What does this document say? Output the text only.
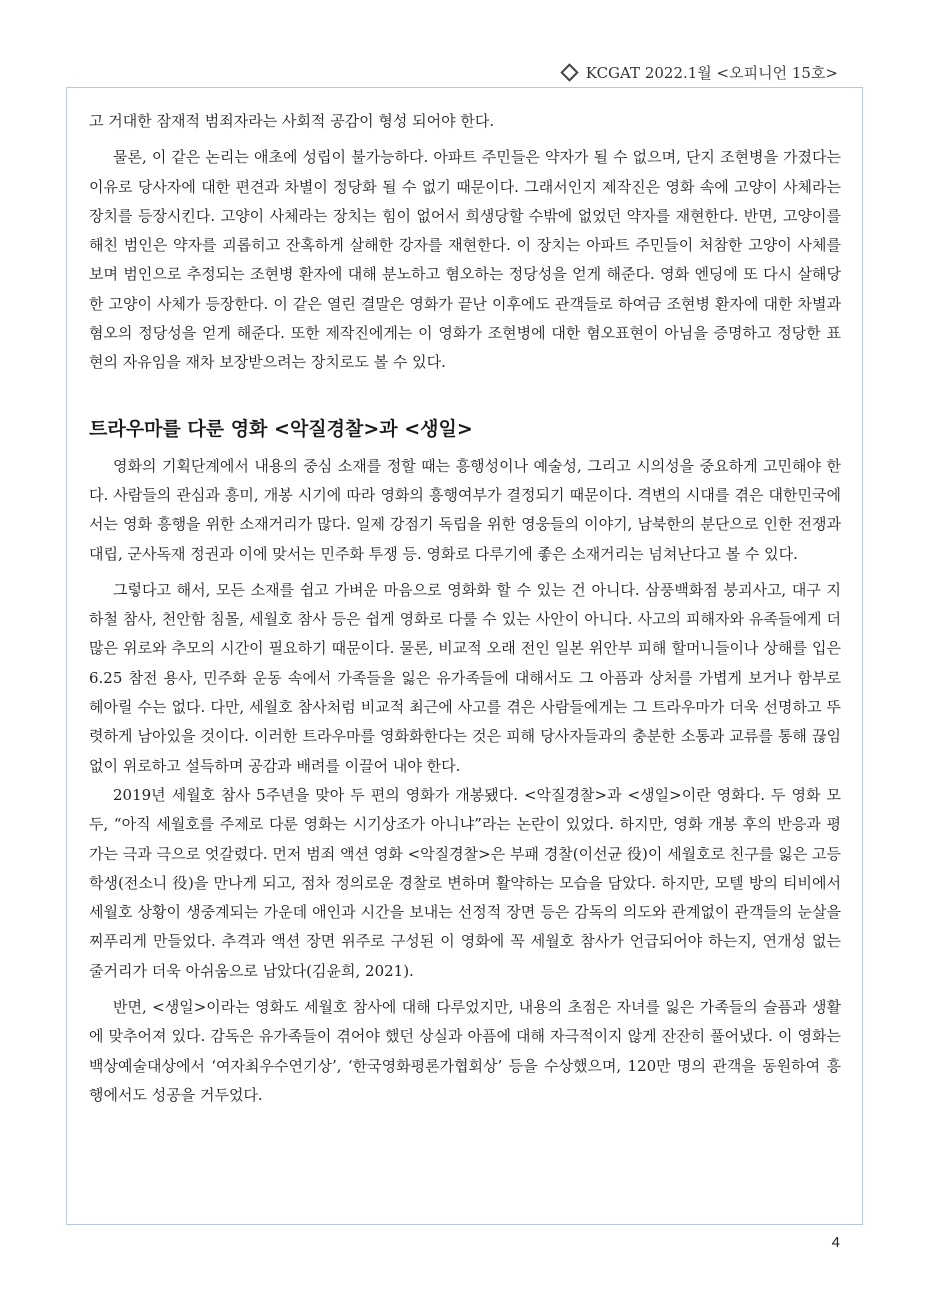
KCGAT 2022.1월 <오피니언 15호>

고 거대한 잠재적 범죄자라는 사회적 공감이 형성 되어야 한다.

물론, 이 같은 논리는 애초에 성립이 불가능하다. 아파트 주민들은 약자가 될 수 없으며, 단지 조현병을 가졌다는 이유로 당사자에 대한 편견과 차별이 정당화 될 수 없기 때문이다. 그래서인지 제작진은 영화 속에 고양이 사체라는 장치를 등장시킨다. 고양이 사체라는 장치는 힘이 없어서 희생당할 수밖에 없었던 약자를 재현한다. 반면, 고양이를 해친 범인은 약자를 괴롭히고 잔혹하게 살해한 강자를 재현한다. 이 장치는 아파트 주민들이 처참한 고양이 사체를 보며 범인으로 추정되는 조현병 환자에 대해 분노하고 혐오하는 정당성을 얻게 해준다. 영화 엔딩에 또 다시 살해당한 고양이 사체가 등장한다. 이 같은 열린 결말은 영화가 끝난 이후에도 관객들로 하여금 조현병 환자에 대한 차별과 혐오의 정당성을 얻게 해준다. 또한 제작진에게는 이 영화가 조현병에 대한 혐오표현이 아님을 증명하고 정당한 표현의 자유임을 재차 보장받으려는 장치로도 볼 수 있다.

트라우마를 다룬 영화 <악질경찰>과 <생일>

영화의 기획단계에서 내용의 중심 소재를 정할 때는 흥행성이나 예술성, 그리고 시의성을 중요하게 고민해야 한다. 사람들의 관심과 흥미, 개봉 시기에 따라 영화의 흥행여부가 결정되기 때문이다. 격변의 시대를 겪은 대한민국에서는 영화 흥행을 위한 소재거리가 많다. 일제 강점기 독립을 위한 영웅들의 이야기, 남북한의 분단으로 인한 전쟁과 대립, 군사독재 정권과 이에 맞서는 민주화 투쟁 등. 영화로 다루기에 좋은 소재거리는 넘쳐난다고 볼 수 있다.

그렇다고 해서, 모든 소재를 쉽고 가벼운 마음으로 영화화 할 수 있는 건 아니다. 삼풍백화점 붕괴사고, 대구 지하철 참사, 천안함 침몰, 세월호 참사 등은 쉽게 영화로 다룰 수 있는 사안이 아니다. 사고의 피해자와 유족들에게 더 많은 위로와 추모의 시간이 필요하기 때문이다. 물론, 비교적 오래 전인 일본 위안부 피해 할머니들이나 상해를 입은 6.25 참전 용사, 민주화 운동 속에서 가족들을 잃은 유가족들에 대해서도 그 아픔과 상처를 가볍게 보거나 함부로 헤아릴 수는 없다. 다만, 세월호 참사처럼 비교적 최근에 사고를 겪은 사람들에게는 그 트라우마가 더욱 선명하고 뚜렷하게 남아있을 것이다. 이러한 트라우마를 영화화한다는 것은 피해 당사자들과의 충분한 소통과 교류를 통해 끊임없이 위로하고 설득하며 공감과 배려를 이끌어 내야 한다.

2019년 세월호 참사 5주년을 맞아 두 편의 영화가 개봉됐다. <악질경찰>과 <생일>이란 영화다. 두 영화 모두, “아직 세월호를 주제로 다룬 영화는 시기상조가 아니냐”라는 논란이 있었다. 하지만, 영화 개봉 후의 반응과 평가는 극과 극으로 엇갈렸다. 먼저 범죄 액션 영화 <악질경찰>은 부패 경찰(이선균 役)이 세월호로 친구를 잃은 고등학생(전소니 役)을 만나게 되고, 점차 정의로운 경찰로 변하며 활약하는 모습을 담았다. 하지만, 모텔 방의 티비에서 세월호 상황이 생중계되는 가운데 애인과 시간을 보내는 선정적 장면 등은 감독의 의도와 관계없이 관객들의 눈살을 찌푸리게 만들었다. 추격과 액션 장면 위주로 구성된 이 영화에 꼭 세월호 참사가 언급되어야 하는지, 연개성 없는 줄거리가 더욱 아쉬움으로 남았다(김윤희, 2021).

반면, <생일>이라는 영화도 세월호 참사에 대해 다루었지만, 내용의 초점은 자녀를 잃은 가족들의 슬픔과 생활에 맞추어져 있다. 감독은 유가족들이 겪어야 했던 상실과 아픔에 대해 자극적이지 않게 잔잔히 풀어냈다. 이 영화는 백상예술대상에서 ‘여자최우수연기상’, ‘한국영화평론가협회상’ 등을 수상했으며, 120만 명의 관객을 동원하여 흥행에서도 성공을 거두었다.

4
